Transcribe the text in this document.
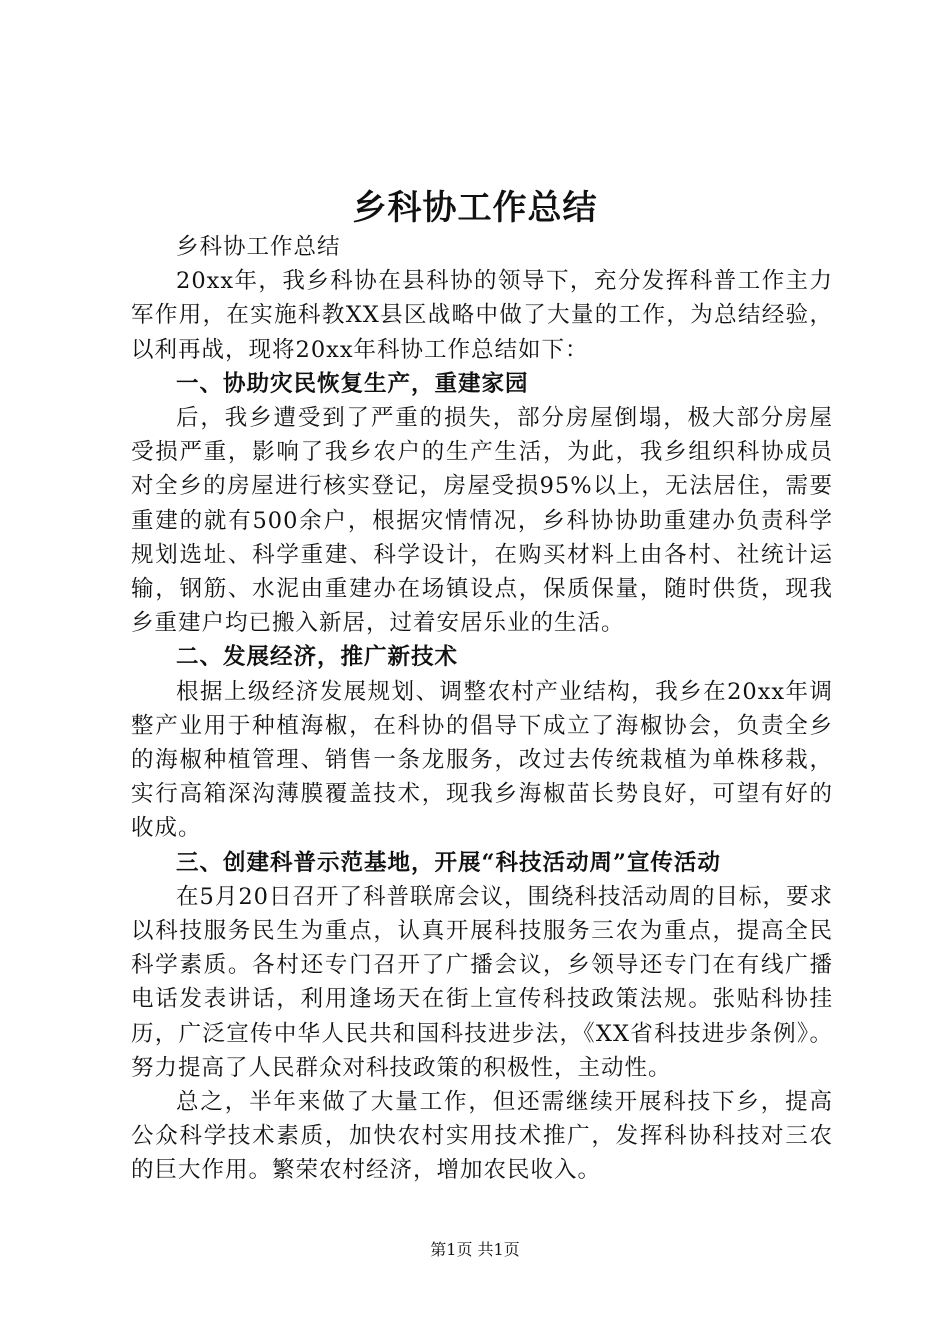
乡科协工作总结

乡科协工作总结

20xx年，我乡科协在县科协的领导下，充分发挥科普工作主力军作用，在实施科教XX县区战略中做了大量的工作，为总结经验，以利再战，现将20xx年科协工作总结如下：

一、协助灾民恢复生产，重建家园

后，我乡遭受到了严重的损失，部分房屋倒塌，极大部分房屋受损严重，影响了我乡农户的生产生活，为此，我乡组织科协成员对全乡的房屋进行核实登记，房屋受损95%以上，无法居住，需要重建的就有500余户，根据灾情情况，乡科协协助重建办负责科学规划选址、科学重建、科学设计，在购买材料上由各村、社统计运输，钢筋、水泥由重建办在场镇设点，保质保量，随时供货，现我乡重建户均已搬入新居，过着安居乐业的生活。

二、发展经济，推广新技术

根据上级经济发展规划、调整农村产业结构，我乡在20xx年调整产业用于种植海椒，在科协的倡导下成立了海椒协会，负责全乡的海椒种植管理、销售一条龙服务，改过去传统栽植为单株移栽，实行高箱深沟薄膜覆盖技术，现我乡海椒苗长势良好，可望有好的收成。

三、创建科普示范基地，开展“科技活动周”宣传活动

在5月20日召开了科普联席会议，围绕科技活动周的目标，要求以科技服务民生为重点，认真开展科技服务三农为重点，提高全民科学素质。各村还专门召开了广播会议，乡领导还专门在有线广播电话发表讲话，利用逢场天在街上宣传科技政策法规。张贴科协挂历，广泛宣传中华人民共和国科技进步法，《XX省科技进步条例》。努力提高了人民群众对科技政策的积极性，主动性。

总之，半年来做了大量工作，但还需继续开展科技下乡，提高公众科学技术素质，加快农村实用技术推广，发挥科协科技对三农的巨大作用。繁荣农村经济，增加农民收入。

第1页 共1页
